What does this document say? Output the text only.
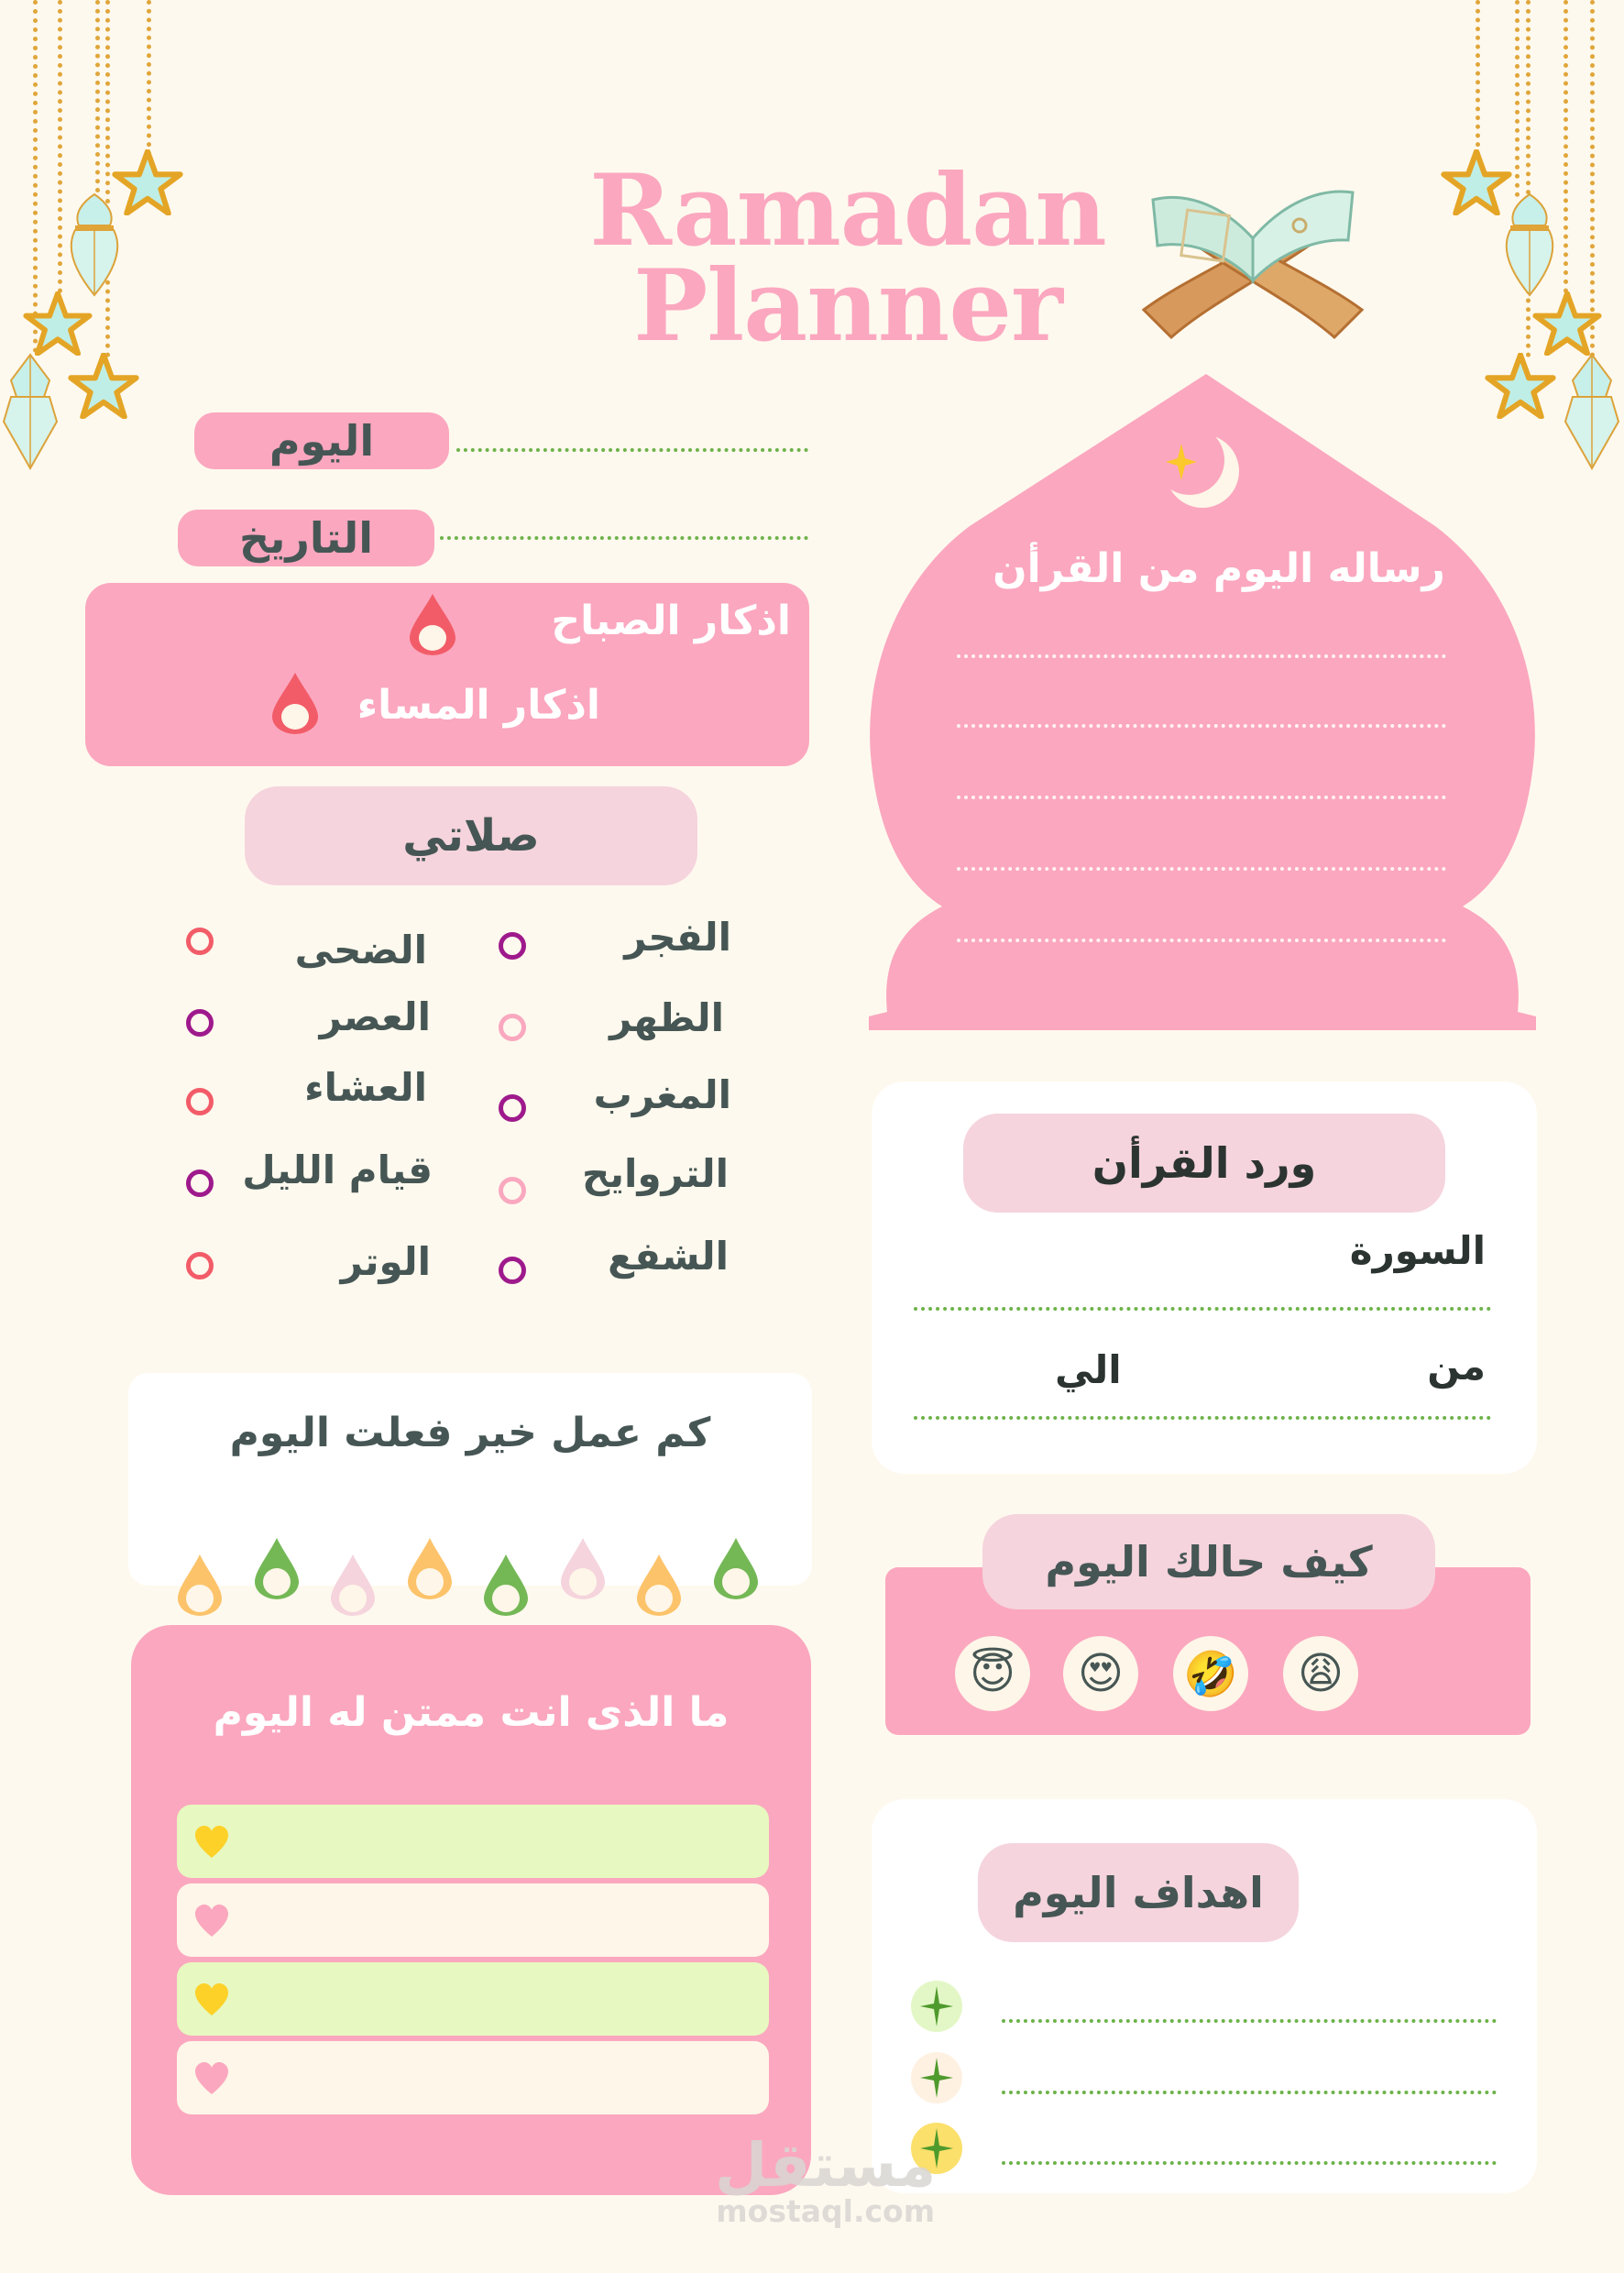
Ramadan
Planner
اليوم
التاريخ
اذكار الصباح
اذكار المساء
صلاتي
الفجر
الظهر
المغرب
التروايح
الشفع
الضحى
العصر
العشاء
قيام الليل
الوتر
كم عمل خير فعلت اليوم
ما الذى انت ممتن له اليوم
رساله اليوم من القرأن
ورد القرأن
السورة
من
الي
كيف حالك اليوم
😇	😍	🤣	😩
اهداف اليوم
مستقل
mostaql.com
